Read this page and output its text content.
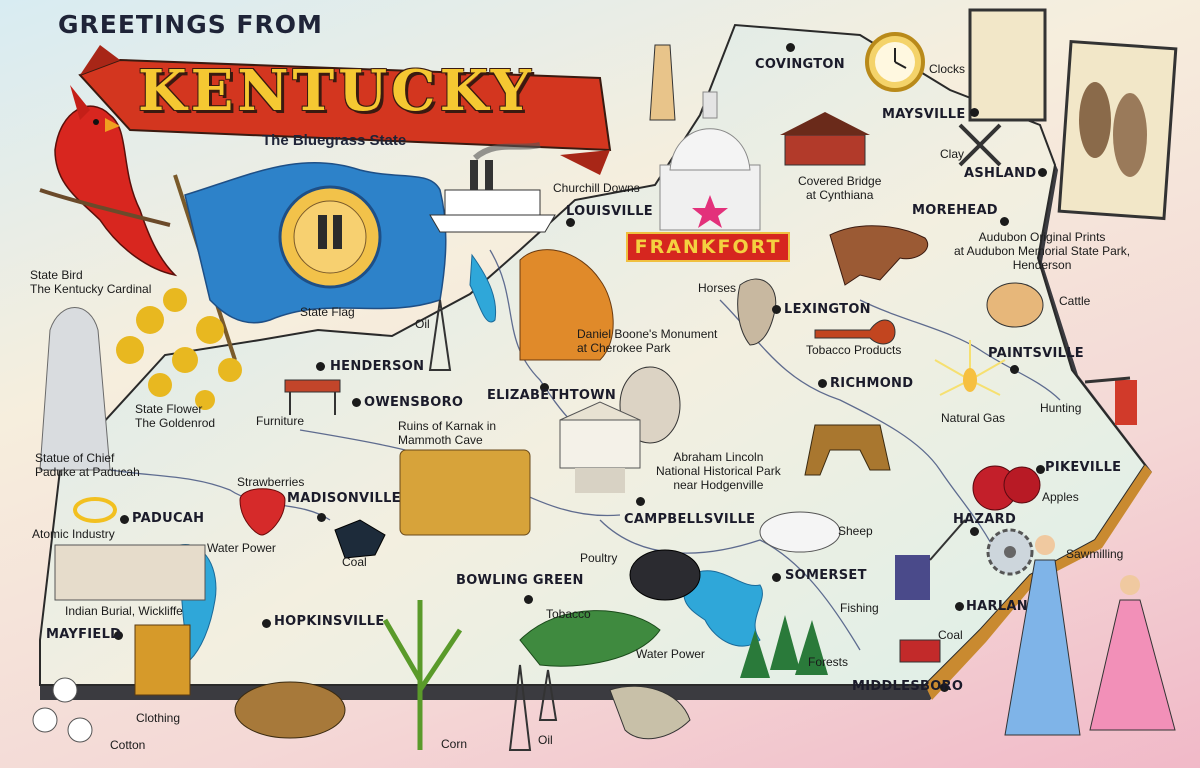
GREETINGS FROM
KENTUCKY
The Bluegrass State
FRANKFORT
COVINGTON
MAYSVILLE
ASHLAND
MOREHEAD
LOUISVILLE
LEXINGTON
PAINTSVILLE
RICHMOND
HENDERSON
OWENSBORO ELIZABETHTOWN
PIKEVILLE
MADISONVILLE
PADUCAH	CAMPBELLSVILLE	HAZARD
BOWLING GREEN	SOMERSET
HOPKINSVILLE
HARLAN
MAYFIELD
MIDDLESBORO
State Bird
The Kentucky Cardinal
State Flag
State Flower
The Goldenrod
Statue of Chief
Paduke at Paducah
Atomic Industry
Indian Burial, Wickliffe
Clothing
Cotton
Furniture
Oil
Strawberries
Water Power
Coal
Ruins of Karnak in
Mammoth Cave
Churchill Downs
Daniel Boone's Monument
at Cherokee Park
Abraham Lincoln
National Historical Park
near Hodgenville
Poultry
Tobacco
Water Power
Corn	Oil
Clocks
Clay
Covered Bridge
at Cynthiana
Horses
Tobacco Products
Audubon Original Prints
at Audubon Memorial State Park,
Henderson
Cattle
Natural Gas
Hunting
Apples
Sheep
Fishing
Sawmilling
Coal
Forests
